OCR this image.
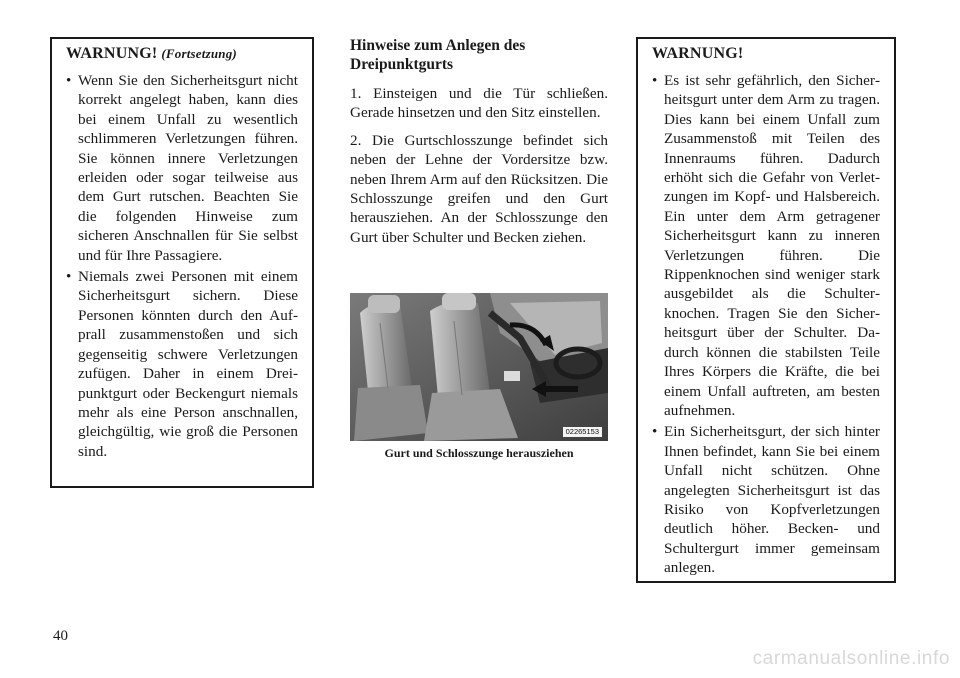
WARNUNG! (Fortsetzung)
• Wenn Sie den Sicherheitsgurt nicht korrekt angelegt haben, kann dies bei einem Unfall zu wesentlich schlimmeren Verletzungen führen. Sie können innere Verletzungen erleiden oder sogar teilweise aus dem Gurt rutschen. Beachten Sie die folgenden Hinweise zum sicheren Anschnallen für Sie selbst und für Ihre Passagiere.
• Niemals zwei Personen mit einem Sicherheitsgurt sichern. Diese Personen könnten durch den Aufprall zusammenstoßen und sich gegenseitig schwere Verletzungen zufügen. Daher in einem Dreipunktgurt oder Beckengurt niemals mehr als eine Person anschnallen, gleichgültig, wie groß die Personen sind.
Hinweise zum Anlegen des Dreipunktgurts

1. Einsteigen und die Tür schließen. Gerade hinsetzen und den Sitz einstellen.

2. Die Gurtschlosszunge befindet sich neben der Lehne der Vordersitze bzw. neben Ihrem Arm auf den Rücksitzen. Die Schlosszunge greifen und den Gurt herausziehen. An der Schlosszunge den Gurt über Schulter und Becken ziehen.

02265153
Gurt und Schlosszunge herausziehen
WARNUNG!
• Es ist sehr gefährlich, den Sicherheitsgurt unter dem Arm zu tragen. Dies kann bei einem Unfall zum Zusammenstoß mit Teilen des Innenraums führen. Dadurch erhöht sich die Gefahr von Verletzungen im Kopf- und Halsbereich. Ein unter dem Arm getragener Sicherheitsgurt kann zu inneren Verletzungen führen. Die Rippenknochen sind weniger stark ausgebildet als die Schulterknochen. Tragen Sie den Sicherheitsgurt über der Schulter. Dadurch können die stabilsten Teile Ihres Körpers die Kräfte, die bei einem Unfall auftreten, am besten aufnehmen.
• Ein Sicherheitsgurt, der sich hinter Ihnen befindet, kann Sie bei einem Unfall nicht schützen. Ohne angelegten Sicherheitsgurt ist das Risiko von Kopfverletzungen deutlich höher. Becken- und Schultergurt immer gemeinsam anlegen.
40
carmanualsonline.info
